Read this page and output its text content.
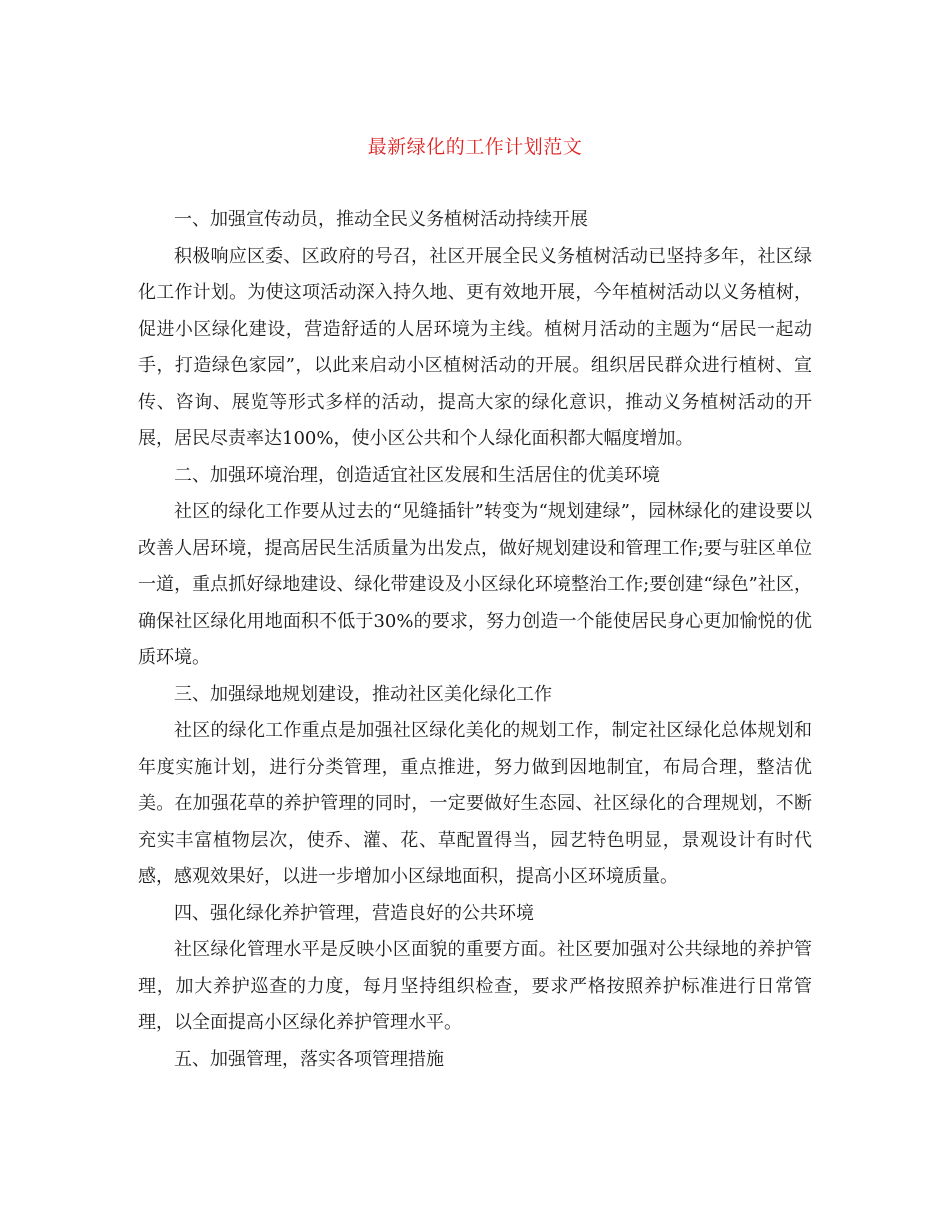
最新绿化的工作计划范文

一、加强宣传动员，推动全民义务植树活动持续开展

积极响应区委、区政府的号召，社区开展全民义务植树活动已坚持多年，社区绿化工作计划。为使这项活动深入持久地、更有效地开展，今年植树活动以义务植树，促进小区绿化建设，营造舒适的人居环境为主线。植树月活动的主题为“居民一起动手，打造绿色家园”，以此来启动小区植树活动的开展。组织居民群众进行植树、宣传、咨询、展览等形式多样的活动，提高大家的绿化意识，推动义务植树活动的开展，居民尽责率达100%，使小区公共和个人绿化面积都大幅度增加。

二、加强环境治理，创造适宜社区发展和生活居住的优美环境

社区的绿化工作要从过去的“见缝插针”转变为“规划建绿”，园林绿化的建设要以改善人居环境，提高居民生活质量为出发点，做好规划建设和管理工作;要与驻区单位一道，重点抓好绿地建设、绿化带建设及小区绿化环境整治工作;要创建“绿色”社区，确保社区绿化用地面积不低于30%的要求，努力创造一个能使居民身心更加愉悦的优质环境。

三、加强绿地规划建设，推动社区美化绿化工作

社区的绿化工作重点是加强社区绿化美化的规划工作，制定社区绿化总体规划和年度实施计划，进行分类管理，重点推进，努力做到因地制宜，布局合理，整洁优美。在加强花草的养护管理的同时，一定要做好生态园、社区绿化的合理规划，不断充实丰富植物层次，使乔、灌、花、草配置得当，园艺特色明显，景观设计有时代感，感观效果好，以进一步增加小区绿地面积，提高小区环境质量。

四、强化绿化养护管理，营造良好的公共环境

社区绿化管理水平是反映小区面貌的重要方面。社区要加强对公共绿地的养护管理，加大养护巡查的力度，每月坚持组织检查，要求严格按照养护标准进行日常管理，以全面提高小区绿化养护管理水平。

五、加强管理，落实各项管理措施
